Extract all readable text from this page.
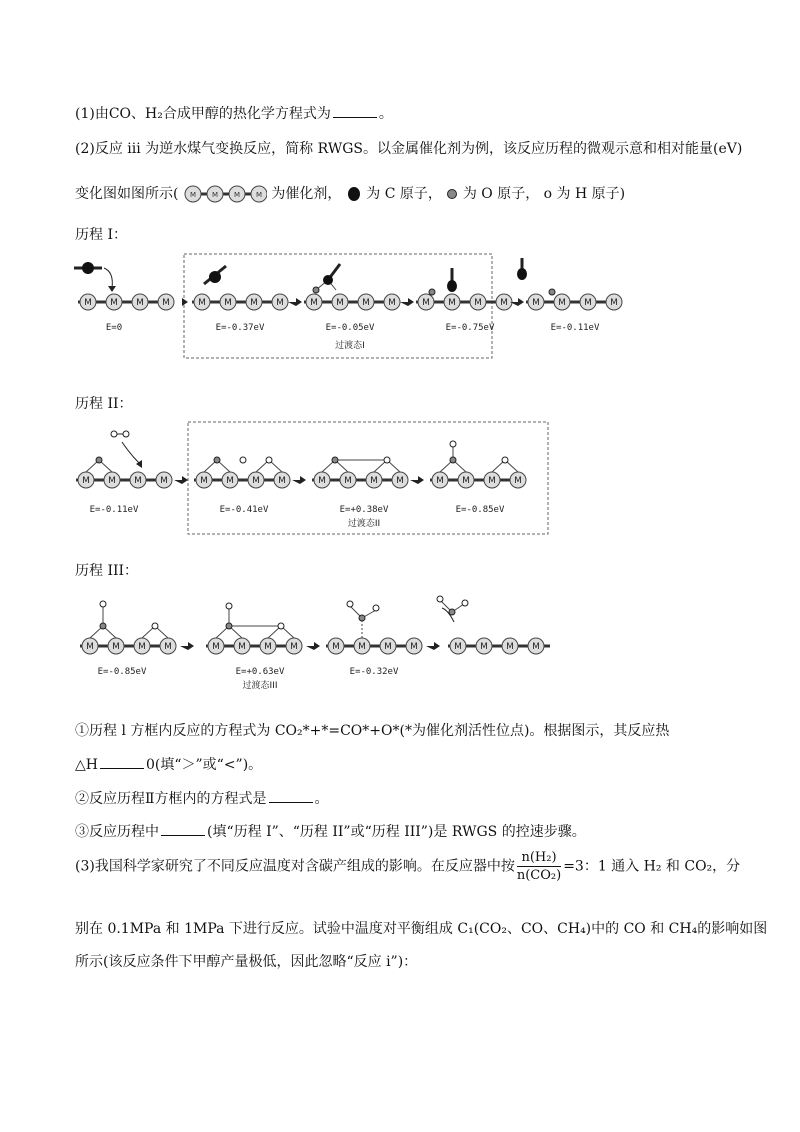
(1)由CO、H₂合成甲醇的热化学方程式为	。
(2)反应 iii 为逆水煤气变换反应，简称 RWGS。以金属催化剂为例，该反应历程的微观示意和相对能量(eV)
变化图如图所示( M M M M 为催化剂， 为 C 原子， 为 O 原子， o 为 H 原子)
历程 I：
M M M M
E=0
M M M M
E=-0.37eV
M M M M
E=-0.05eV
过渡态I
M M M M
E=-0.75eV
M M M M
E=-0.11eV
历程 II：
M M M M
E=-0.11eV
M M M M
E=-0.41eV
M M M M
E=+0.38eV
过渡态II
M M M M
E=-0.85eV
历程 III：
M M M M
E=-0.85eV
M M M M
E=+0.63eV
过渡态III
M M M M
E=-0.32eV
M M M M
①历程 l 方框内反应的方程式为 CO₂*+*=CO*+O*(*为催化剂活性位点)。根据图示，其反应热
△H	0(填“＞”或“<”)。
②反应历程Ⅱ方框内的方程式是	。
③反应历程中	(填“历程 I”、“历程 II”或“历程 III”)是 RWGS 的控速步骤。
(3)我国科学家研究了不同反应温度对含碳产组成的影响。在反应器中按 $\frac{\text{n(H₂)}}{\text{n(CO₂)}} =3$：1 通入 H₂ 和 CO₂，分
别在 0.1MPa 和 1MPa 下进行反应。试验中温度对平衡组成 C₁(CO₂、CO、CH₄)中的 CO 和 CH₄的影响如图
所示(该反应条件下甲醇产量极低，因此忽略“反应 i”)：
